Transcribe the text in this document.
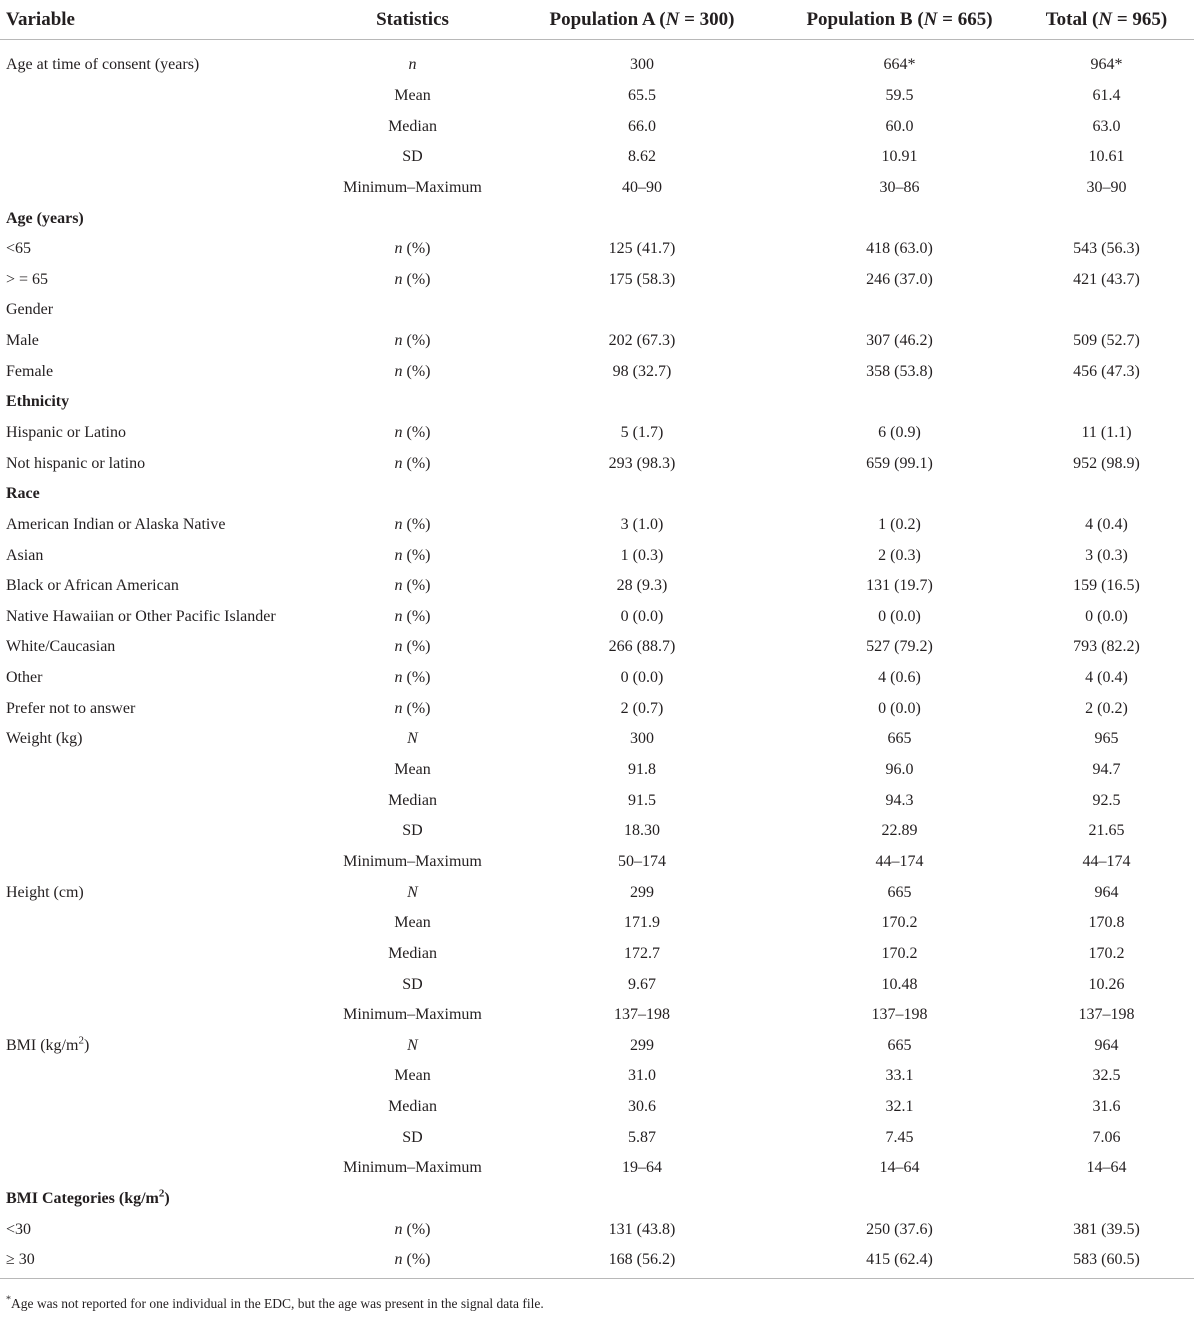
Variable	Statistics	Population A (N = 300)	Population B (N = 665)	Total (N = 965)
Age at time of consent (years)	n	300	664*	964*
	Mean	65.5	59.5	61.4
	Median	66.0	60.0	63.0
	SD	8.62	10.91	10.61
	Minimum–Maximum	40–90	30–86	30–90
Age (years)				
<65	n (%)	125 (41.7)	418 (63.0)	543 (56.3)
> = 65	n (%)	175 (58.3)	246 (37.0)	421 (43.7)
Gender				
Male	n (%)	202 (67.3)	307 (46.2)	509 (52.7)
Female	n (%)	98 (32.7)	358 (53.8)	456 (47.3)
Ethnicity				
Hispanic or Latino	n (%)	5 (1.7)	6 (0.9)	11 (1.1)
Not hispanic or latino	n (%)	293 (98.3)	659 (99.1)	952 (98.9)
Race				
American Indian or Alaska Native	n (%)	3 (1.0)	1 (0.2)	4 (0.4)
Asian	n (%)	1 (0.3)	2 (0.3)	3 (0.3)
Black or African American	n (%)	28 (9.3)	131 (19.7)	159 (16.5)
Native Hawaiian or Other Pacific Islander	n (%)	0 (0.0)	0 (0.0)	0 (0.0)
White/Caucasian	n (%)	266 (88.7)	527 (79.2)	793 (82.2)
Other	n (%)	0 (0.0)	4 (0.6)	4 (0.4)
Prefer not to answer	n (%)	2 (0.7)	0 (0.0)	2 (0.2)
Weight (kg)	N	300	665	965
	Mean	91.8	96.0	94.7
	Median	91.5	94.3	92.5
	SD	18.30	22.89	21.65
	Minimum–Maximum	50–174	44–174	44–174
Height (cm)	N	299	665	964
	Mean	171.9	170.2	170.8
	Median	172.7	170.2	170.2
	SD	9.67	10.48	10.26
	Minimum–Maximum	137–198	137–198	137–198
BMI $(kg/m^2)$	N	299	665	964
	Mean	31.0	33.1	32.5
	Median	30.6	32.1	31.6
	SD	5.87	7.45	7.06
	Minimum–Maximum	19–64	14–64	14–64
BMI Categories $(kg/m^2)$				
<30	n (%)	131 (43.8)	250 (37.6)	381 (39.5)
≥ 30	n (%)	168 (56.2)	415 (62.4)	583 (60.5)
*Age was not reported for one individual in the EDC, but the age was present in the signal data file.
